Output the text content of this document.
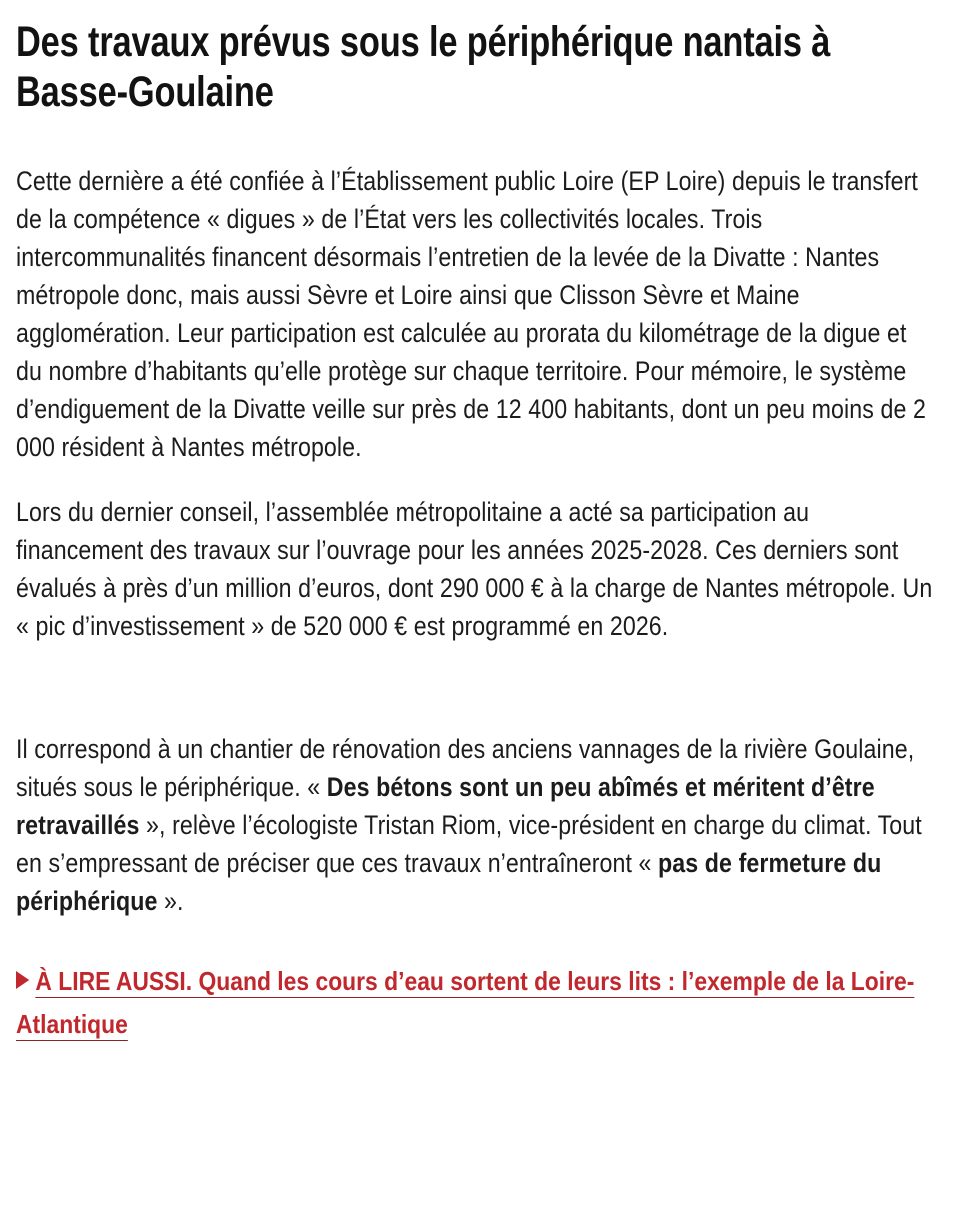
Des travaux prévus sous le périphérique nantais à Basse-Goulaine

Cette dernière a été confiée à l’Établissement public Loire (EP Loire) depuis le transfert de la compétence « digues » de l’État vers les collectivités locales. Trois intercommunalités financent désormais l’entretien de la levée de la Divatte : Nantes métropole donc, mais aussi Sèvre et Loire ainsi que Clisson Sèvre et Maine agglomération. Leur participation est calculée au prorata du kilométrage de la digue et du nombre d’habitants qu’elle protège sur chaque territoire. Pour mémoire, le système d’endiguement de la Divatte veille sur près de 12 400 habitants, dont un peu moins de 2 000 résident à Nantes métropole.

Lors du dernier conseil, l’assemblée métropolitaine a acté sa participation au financement des travaux sur l’ouvrage pour les années 2025-2028. Ces derniers sont évalués à près d’un million d’euros, dont 290 000 € à la charge de Nantes métropole. Un « pic d’investissement » de 520 000 € est programmé en 2026.

Il correspond à un chantier de rénovation des anciens vannages de la rivière Goulaine, situés sous le périphérique. « Des bétons sont un peu abîmés et méritent d’être retravaillés », relève l’écologiste Tristan Riom, vice-président en charge du climat. Tout en s’empressant de préciser que ces travaux n’entraîneront « pas de fermeture du périphérique ».

À LIRE AUSSI. Quand les cours d’eau sortent de leurs lits : l’exemple de la Loire-Atlantique
